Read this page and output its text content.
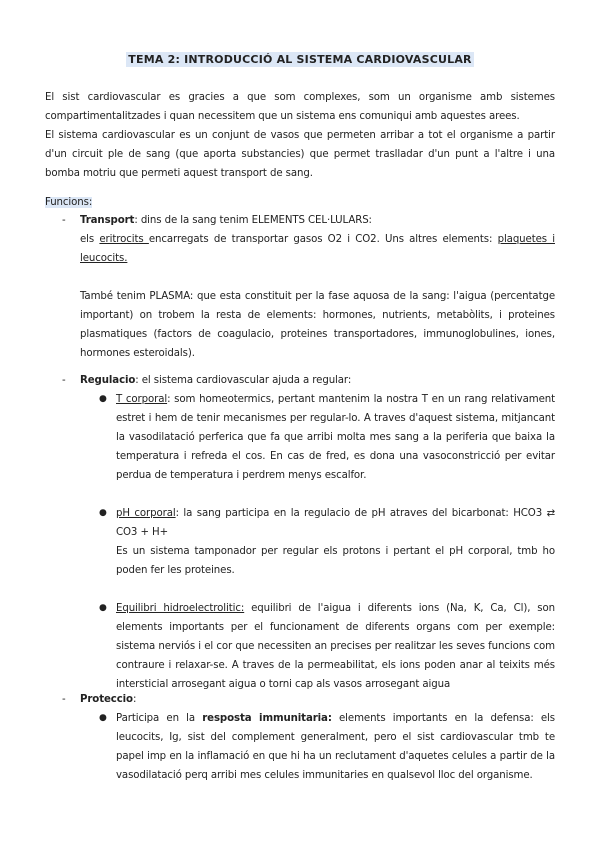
TEMA 2: INTRODUCCIÓ AL SISTEMA CARDIOVASCULAR

El sist cardiovascular es gracies a que som complexes, som un organisme amb sistemes compartimentalitzades i quan necessitem que un sistema ens comuniqui amb aquestes arees.

El sistema cardiovascular es un conjunt de vasos que permeten arribar a tot el organisme a partir d'un circuit ple de sang (que aporta substancies) que permet traslladar d'un punt a l'altre i una bomba motriu que permeti aquest transport de sang.

Funcions:

- Transport: dins de la sang tenim ELEMENTS CEL·LULARS:

els eritrocits encarregats de transportar gasos O2 i CO2. Uns altres elements: plaquetes i leucocits.

També tenim PLASMA: que esta constituit per la fase aquosa de la sang: l'aigua (percentatge important) on trobem la resta de elements: hormones, nutrients, metabòlits, i proteines plasmatiques (factors de coagulacio, proteines transportadores, immunoglobulines, iones, hormones esteroidals).

- Regulacio: el sistema cardiovascular ajuda a regular:

● T corporal: som homeotermics, pertant mantenim la nostra T en un rang relativament estret i hem de tenir mecanismes per regular-lo. A traves d'aquest sistema, mitjancant la vasodilatació perferica que fa que arribi molta mes sang a la periferia que baixa la temperatura i refreda el cos. En cas de fred, es dona una vasoconstricció per evitar perdua de temperatura i perdrem menys escalfor.

● pH corporal: la sang participa en la regulacio de pH atraves del bicarbonat: HCO3 ⇄ CO3 + H+

Es un sistema tamponador per regular els protons i pertant el pH corporal, tmb ho poden fer les proteines.

● Equilibri hidroelectrolitic: equilibri de l'aigua i diferents ions (Na, K, Ca, Cl), son elements importants per el funcionament de diferents organs com per exemple: sistema nerviós i el cor que necessiten an precises per realitzar les seves funcions com contraure i relaxar-se. A traves de la permeabilitat, els ions poden anar al teixits més intersticial arrosegant aigua o torni cap als vasos arrosegant aigua

- Proteccio:

● Participa en la resposta immunitaria: elements importants en la defensa: els leucocits, Ig, sist del complement generalment, pero el sist cardiovascular tmb te papel imp en la inflamació en que hi ha un reclutament d'aquetes celules a partir de la vasodilatació perq arribi mes celules immunitaries en qualsevol lloc del organisme.
